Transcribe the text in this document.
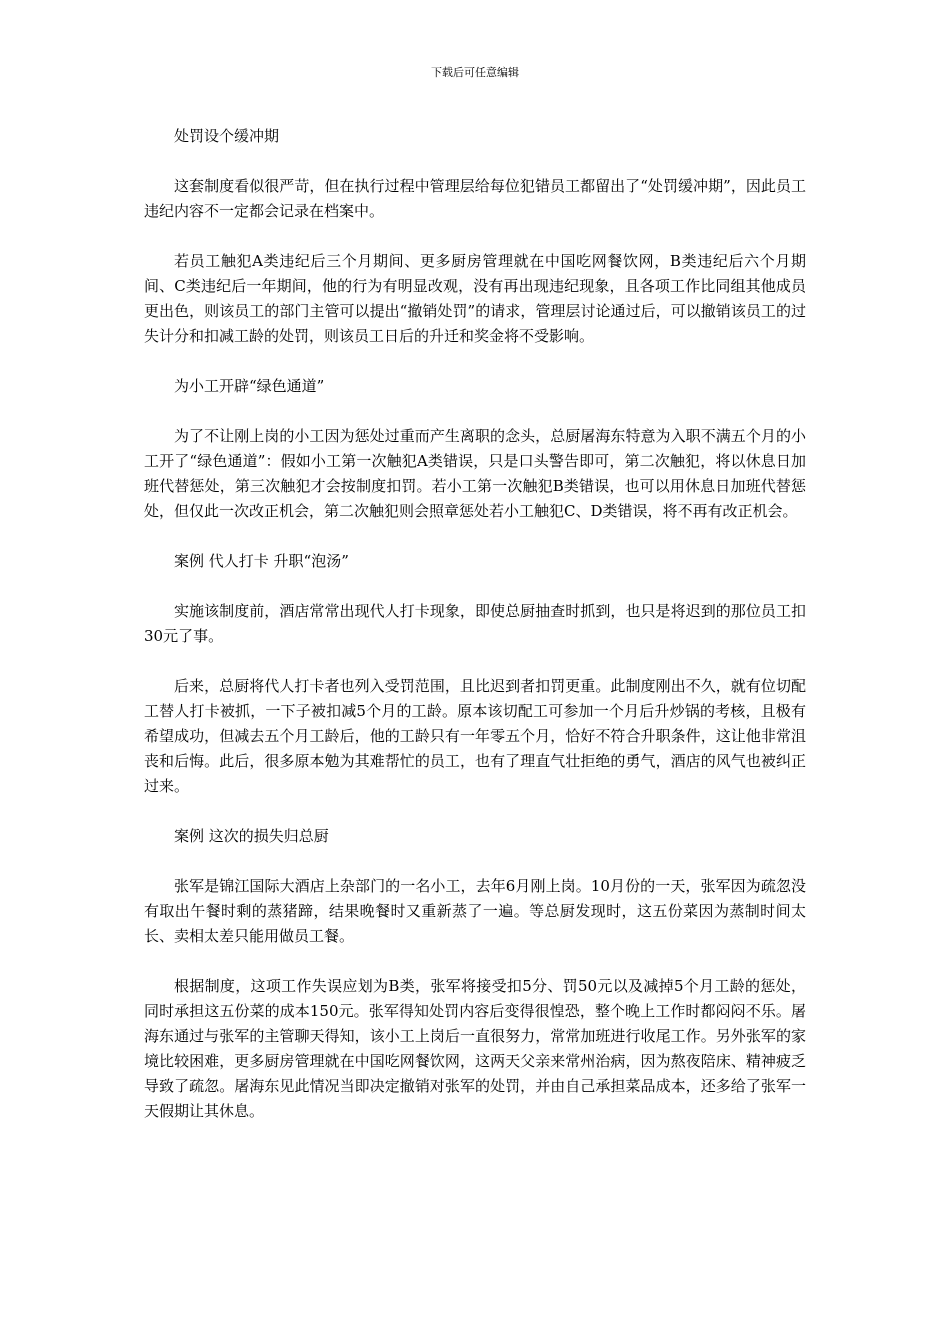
下载后可任意编辑

处罚设个缓冲期

这套制度看似很严苛，但在执行过程中管理层给每位犯错员工都留出了“处罚缓冲期”，因此员工违纪内容不一定都会记录在档案中。

若员工触犯A类违纪后三个月期间、更多厨房管理就在中国吃网餐饮网，B类违纪后六个月期间、C类违纪后一年期间，他的行为有明显改观，没有再出现违纪现象，且各项工作比同组其他成员更出色，则该员工的部门主管可以提出“撤销处罚”的请求，管理层讨论通过后，可以撤销该员工的过失计分和扣减工龄的处罚，则该员工日后的升迁和奖金将不受影响。

为小工开辟“绿色通道”

为了不让刚上岗的小工因为惩处过重而产生离职的念头，总厨屠海东特意为入职不满五个月的小工开了“绿色通道”：假如小工第一次触犯A类错误，只是口头警告即可，第二次触犯，将以休息日加班代替惩处，第三次触犯才会按制度扣罚。若小工第一次触犯B类错误，也可以用休息日加班代替惩处，但仅此一次改正机会，第二次触犯则会照章惩处若小工触犯C、D类错误，将不再有改正机会。

案例 代人打卡 升职“泡汤”

实施该制度前，酒店常常出现代人打卡现象，即使总厨抽查时抓到，也只是将迟到的那位员工扣30元了事。

后来，总厨将代人打卡者也列入受罚范围，且比迟到者扣罚更重。此制度刚出不久，就有位切配工替人打卡被抓，一下子被扣减5个月的工龄。原本该切配工可参加一个月后升炒锅的考核，且极有希望成功，但减去五个月工龄后，他的工龄只有一年零五个月，恰好不符合升职条件，这让他非常沮丧和后悔。此后，很多原本勉为其难帮忙的员工，也有了理直气壮拒绝的勇气，酒店的风气也被纠正过来。

案例 这次的损失归总厨

张军是锦江国际大酒店上杂部门的一名小工，去年6月刚上岗。10月份的一天，张军因为疏忽没有取出午餐时剩的蒸猪蹄，结果晚餐时又重新蒸了一遍。等总厨发现时，这五份菜因为蒸制时间太长、卖相太差只能用做员工餐。

根据制度，这项工作失误应划为B类，张军将接受扣5分、罚50元以及减掉5个月工龄的惩处，同时承担这五份菜的成本150元。张军得知处罚内容后变得很惶恐，整个晚上工作时都闷闷不乐。屠海东通过与张军的主管聊天得知，该小工上岗后一直很努力，常常加班进行收尾工作。另外张军的家境比较困难，更多厨房管理就在中国吃网餐饮网，这两天父亲来常州治病，因为熬夜陪床、精神疲乏导致了疏忽。屠海东见此情况当即决定撤销对张军的处罚，并由自己承担菜品成本，还多给了张军一天假期让其休息。
